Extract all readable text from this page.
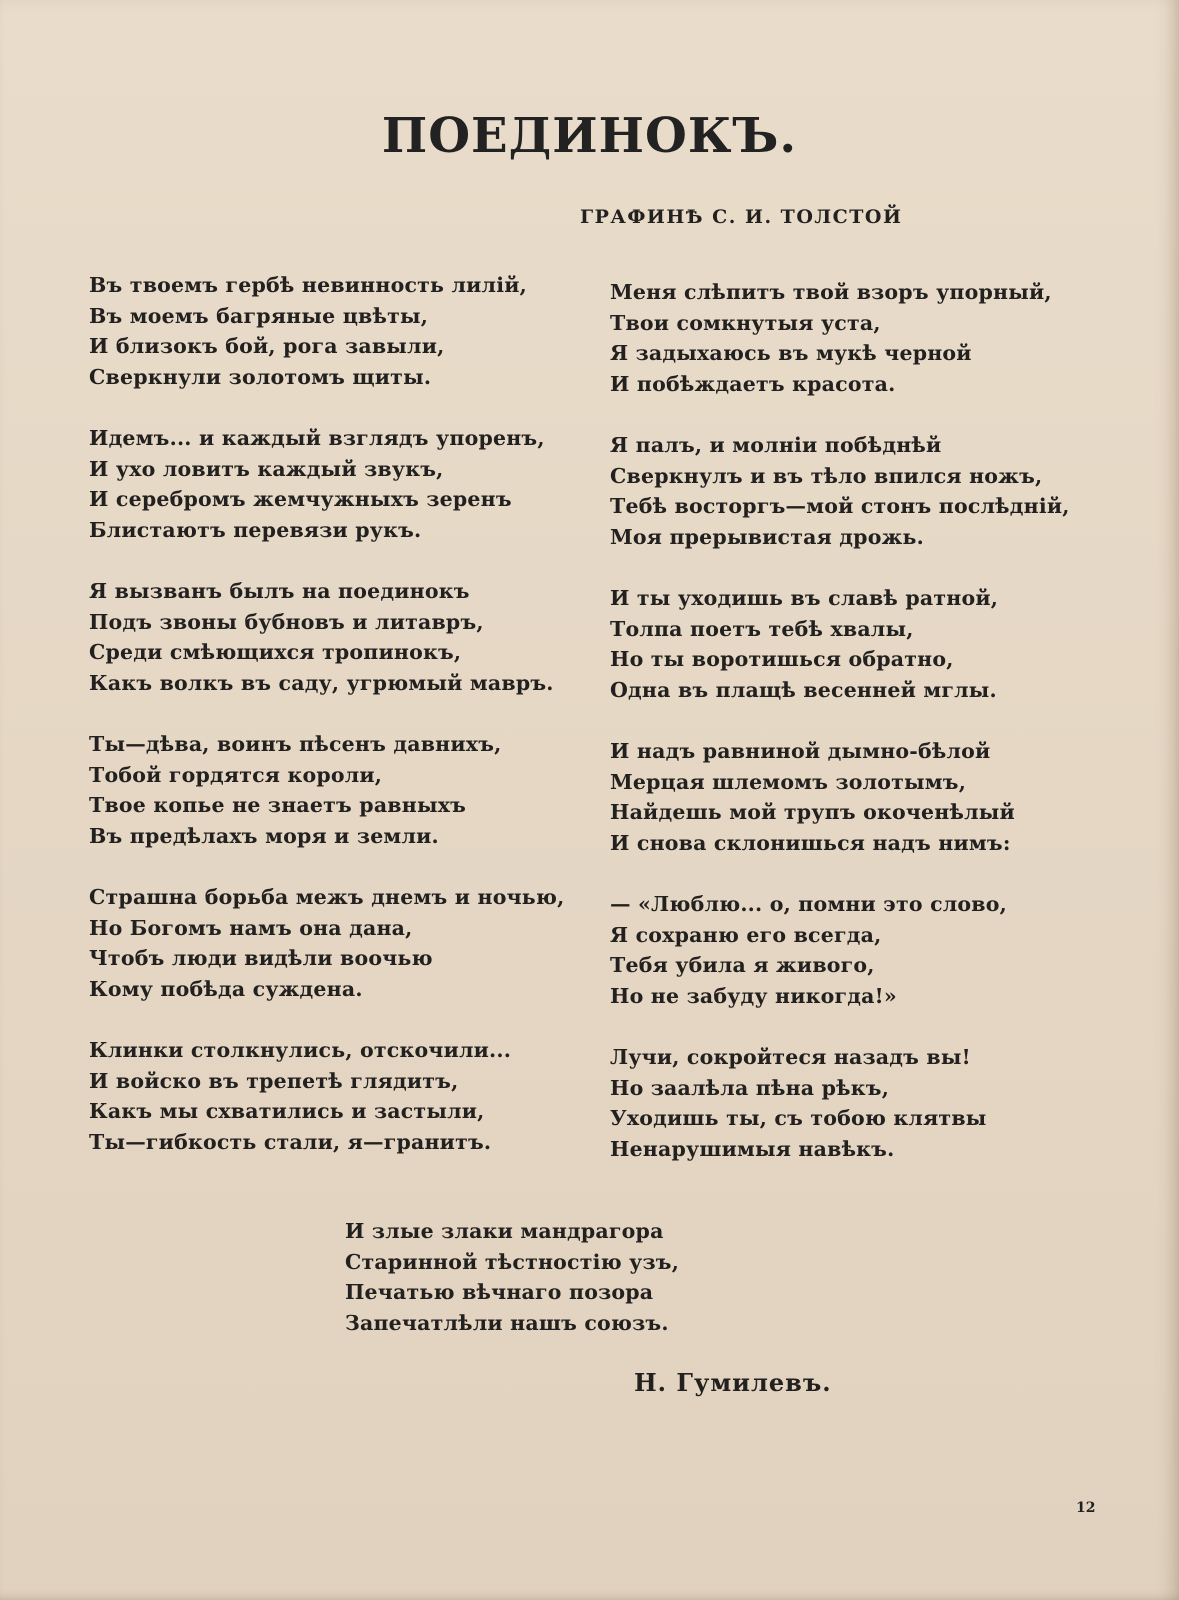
ПОЕДИНОКЪ.

ГРАФИНѢ С. И. ТОЛСТОЙ

Въ твоемъ гербѣ невинность лилій,
Въ моемъ багряные цвѣты,
И близокъ бой, рога завыли,
Сверкнули золотомъ щиты.
Идемъ... и каждый взглядъ упоренъ,
И ухо ловитъ каждый звукъ,
И серебромъ жемчужныхъ зеренъ
Блистаютъ перевязи рукъ.
Я вызванъ былъ на поединокъ
Подъ звоны бубновъ и литавръ,
Среди смѣющихся тропинокъ,
Какъ волкъ въ саду, угрюмый мавръ.
Ты—дѣва, воинъ пѣсенъ давнихъ,
Тобой гордятся короли,
Твое копье не знаетъ равныхъ
Въ предѣлахъ моря и земли.
Страшна борьба межъ днемъ и ночью,
Но Богомъ намъ она дана,
Чтобъ люди видѣли воочью
Кому побѣда суждена.
Клинки столкнулись, отскочили...
И войско въ трепетѣ глядитъ,
Какъ мы схватились и застыли,
Ты—гибкость стали, я—гранитъ.
Меня слѣпитъ твой взоръ упорный,
Твои сомкнутыя уста,
Я задыхаюсь въ мукѣ черной
И побѣждаетъ красота.
Я палъ, и молніи побѣднѣй
Сверкнулъ и въ тѣло впился ножъ,
Тебѣ восторгъ—мой стонъ послѣдній,
Моя прерывистая дрожь.
И ты уходишь въ славѣ ратной,
Толпа поетъ тебѣ хвалы,
Но ты воротишься обратно,
Одна въ плащѣ весенней мглы.
И надъ равниной дымно-бѣлой
Мерцая шлемомъ золотымъ,
Найдешь мой трупъ окоченѣлый
И снова склонишься надъ нимъ:
— «Люблю... о, помни это слово,
Я сохраню его всегда,
Тебя убила я живого,
Но не забуду никогда!»
Лучи, сокройтеся назадъ вы!
Но заалѣла пѣна рѣкъ,
Уходишь ты, съ тобою клятвы
Ненарушимыя навѣкъ.
И злые злаки мандрагора
Старинной тѣстностію узъ,
Печатью вѣчнаго позора
Запечатлѣли нашъ союзъ.

Н. Гумилевъ.

12
